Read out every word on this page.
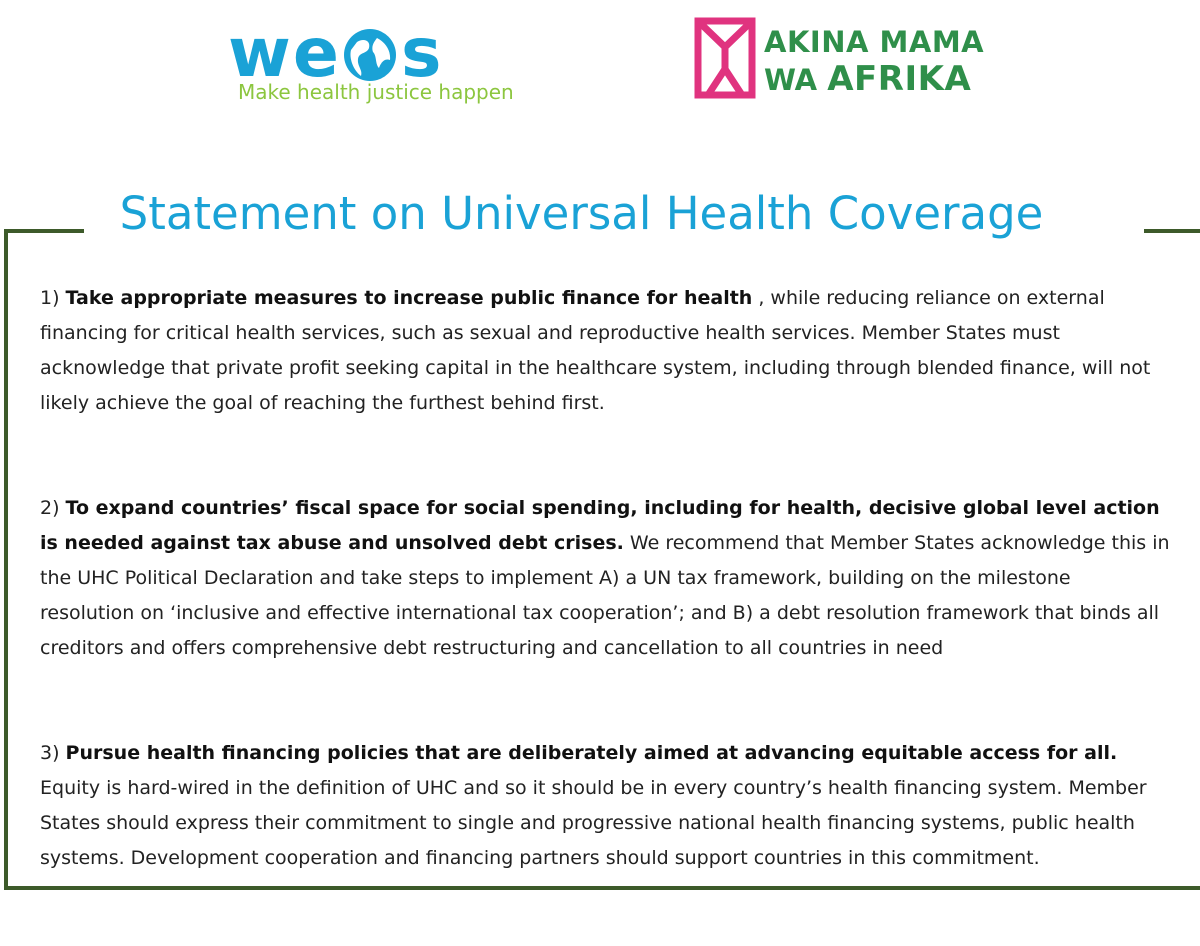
we s
Make health justice happen
AKINA MAMA
WA AFRIKA
Statement on Universal Health Coverage

1) Take appropriate measures to increase public finance for health , while reducing reliance on external financing for critical health services, such as sexual and reproductive health services. Member States must acknowledge that private profit seeking capital in the healthcare system, including through blended finance, will not likely achieve the goal of reaching the furthest behind first.

2) To expand countries’ fiscal space for social spending, including for health, decisive global level action is needed against tax abuse and unsolved debt crises. We recommend that Member States acknowledge this in the UHC Political Declaration and take steps to implement A) a UN tax framework, building on the milestone resolution on ‘inclusive and effective international tax cooperation’; and B) a debt resolution framework that binds all creditors and offers comprehensive debt restructuring and cancellation to all countries in need

3) Pursue health financing policies that are deliberately aimed at advancing equitable access for all. Equity is hard-wired in the definition of UHC and so it should be in every country’s health financing system. Member States should express their commitment to single and progressive national health financing systems, public health systems. Development cooperation and financing partners should support countries in this commitment.
